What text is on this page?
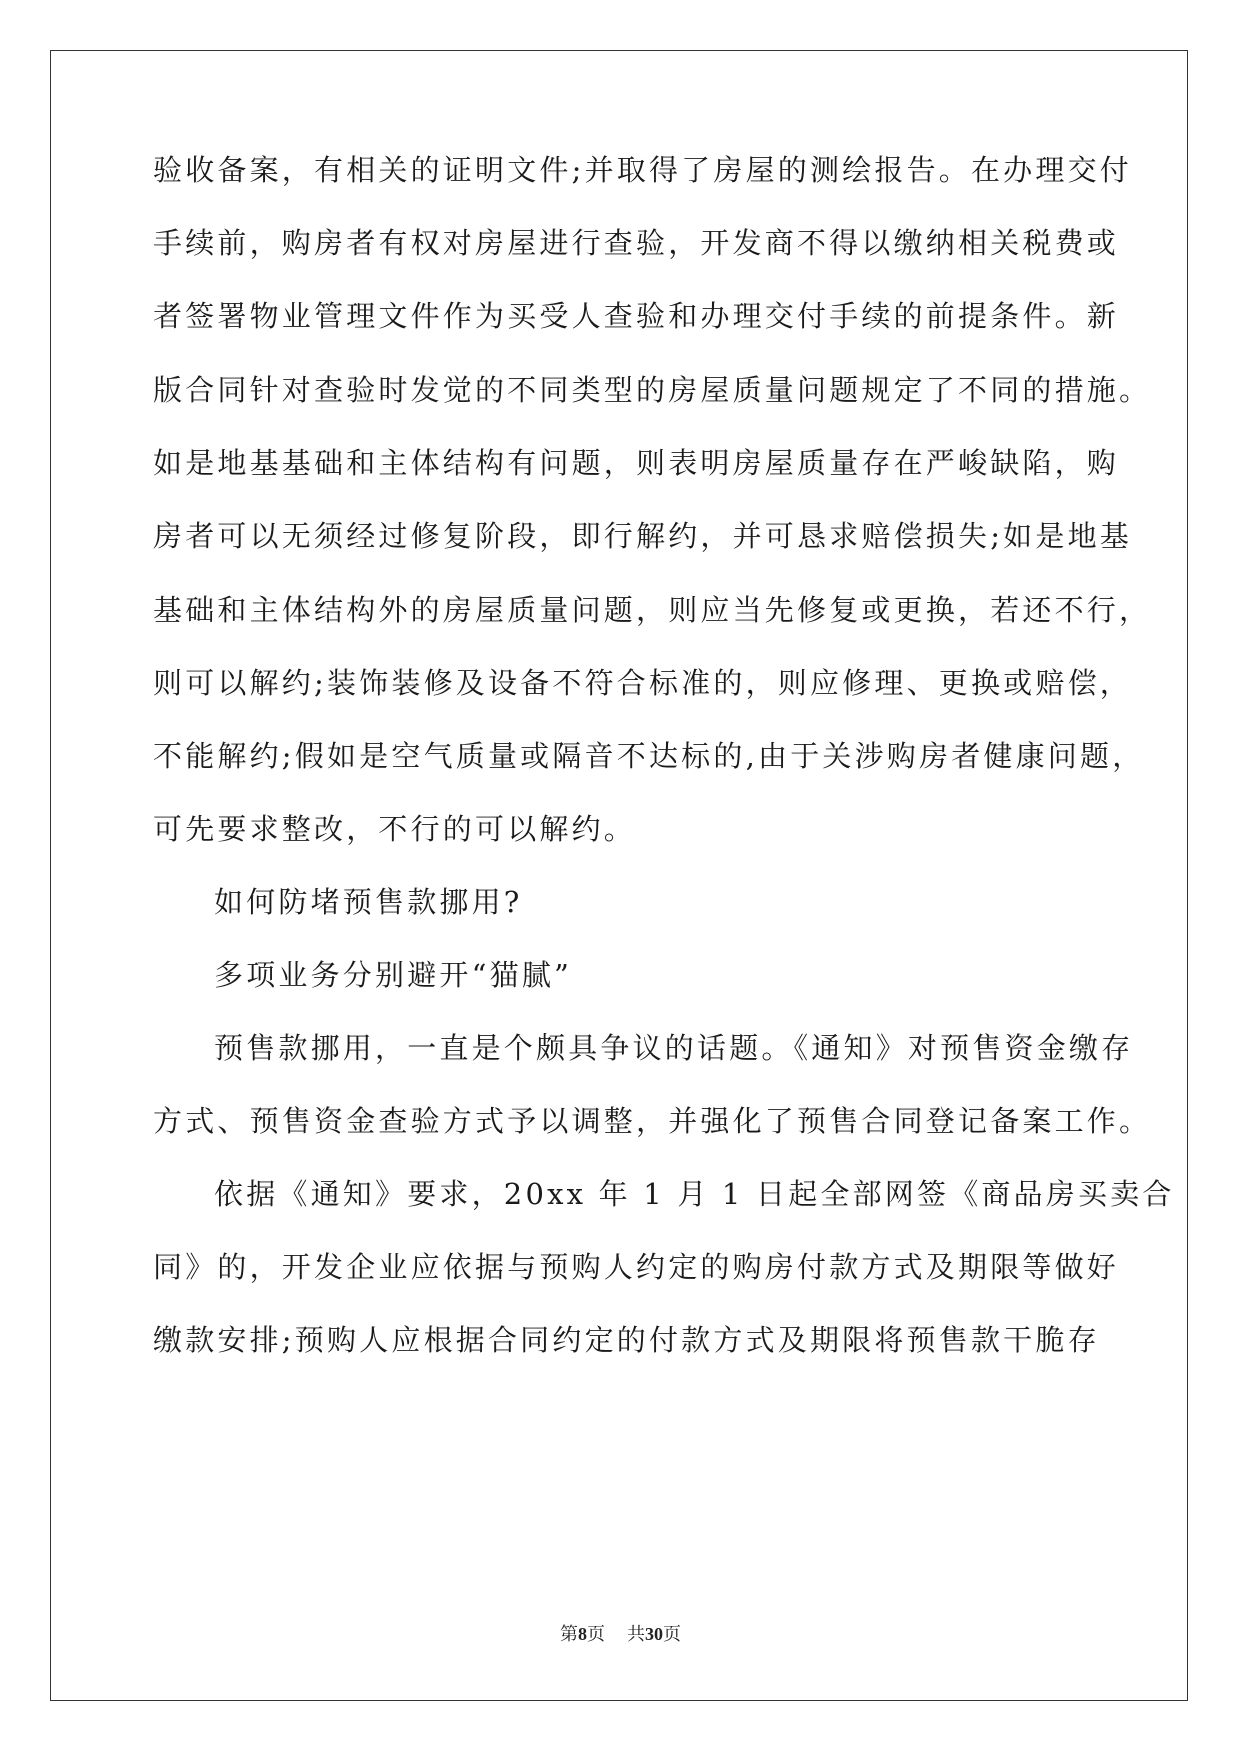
验收备案，有相关的证明文件;并取得了房屋的测绘报告。在办理交付
手续前，购房者有权对房屋进行查验，开发商不得以缴纳相关税费或
者签署物业管理文件作为买受人查验和办理交付手续的前提条件。新
版合同针对查验时发觉的不同类型的房屋质量问题规定了不同的措施。
如是地基基础和主体结构有问题，则表明房屋质量存在严峻缺陷，购
房者可以无须经过修复阶段，即行解约，并可恳求赔偿损失;如是地基
基础和主体结构外的房屋质量问题，则应当先修复或更换，若还不行，
则可以解约;装饰装修及设备不符合标准的，则应修理、更换或赔偿，
不能解约;假如是空气质量或隔音不达标的,由于关涉购房者健康问题，
可先要求整改，不行的可以解约。
如何防堵预售款挪用?
多项业务分别避开“猫腻”
预售款挪用，一直是个颇具争议的话题。《通知》对预售资金缴存
方式、预售资金查验方式予以调整，并强化了预售合同登记备案工作。
依据《通知》要求，20xx 年 1 月 1 日起全部网签《商品房买卖合
同》的，开发企业应依据与预购人约定的购房付款方式及期限等做好
缴款安排;预购人应根据合同约定的付款方式及期限将预售款干脆存
第8页 共30页
